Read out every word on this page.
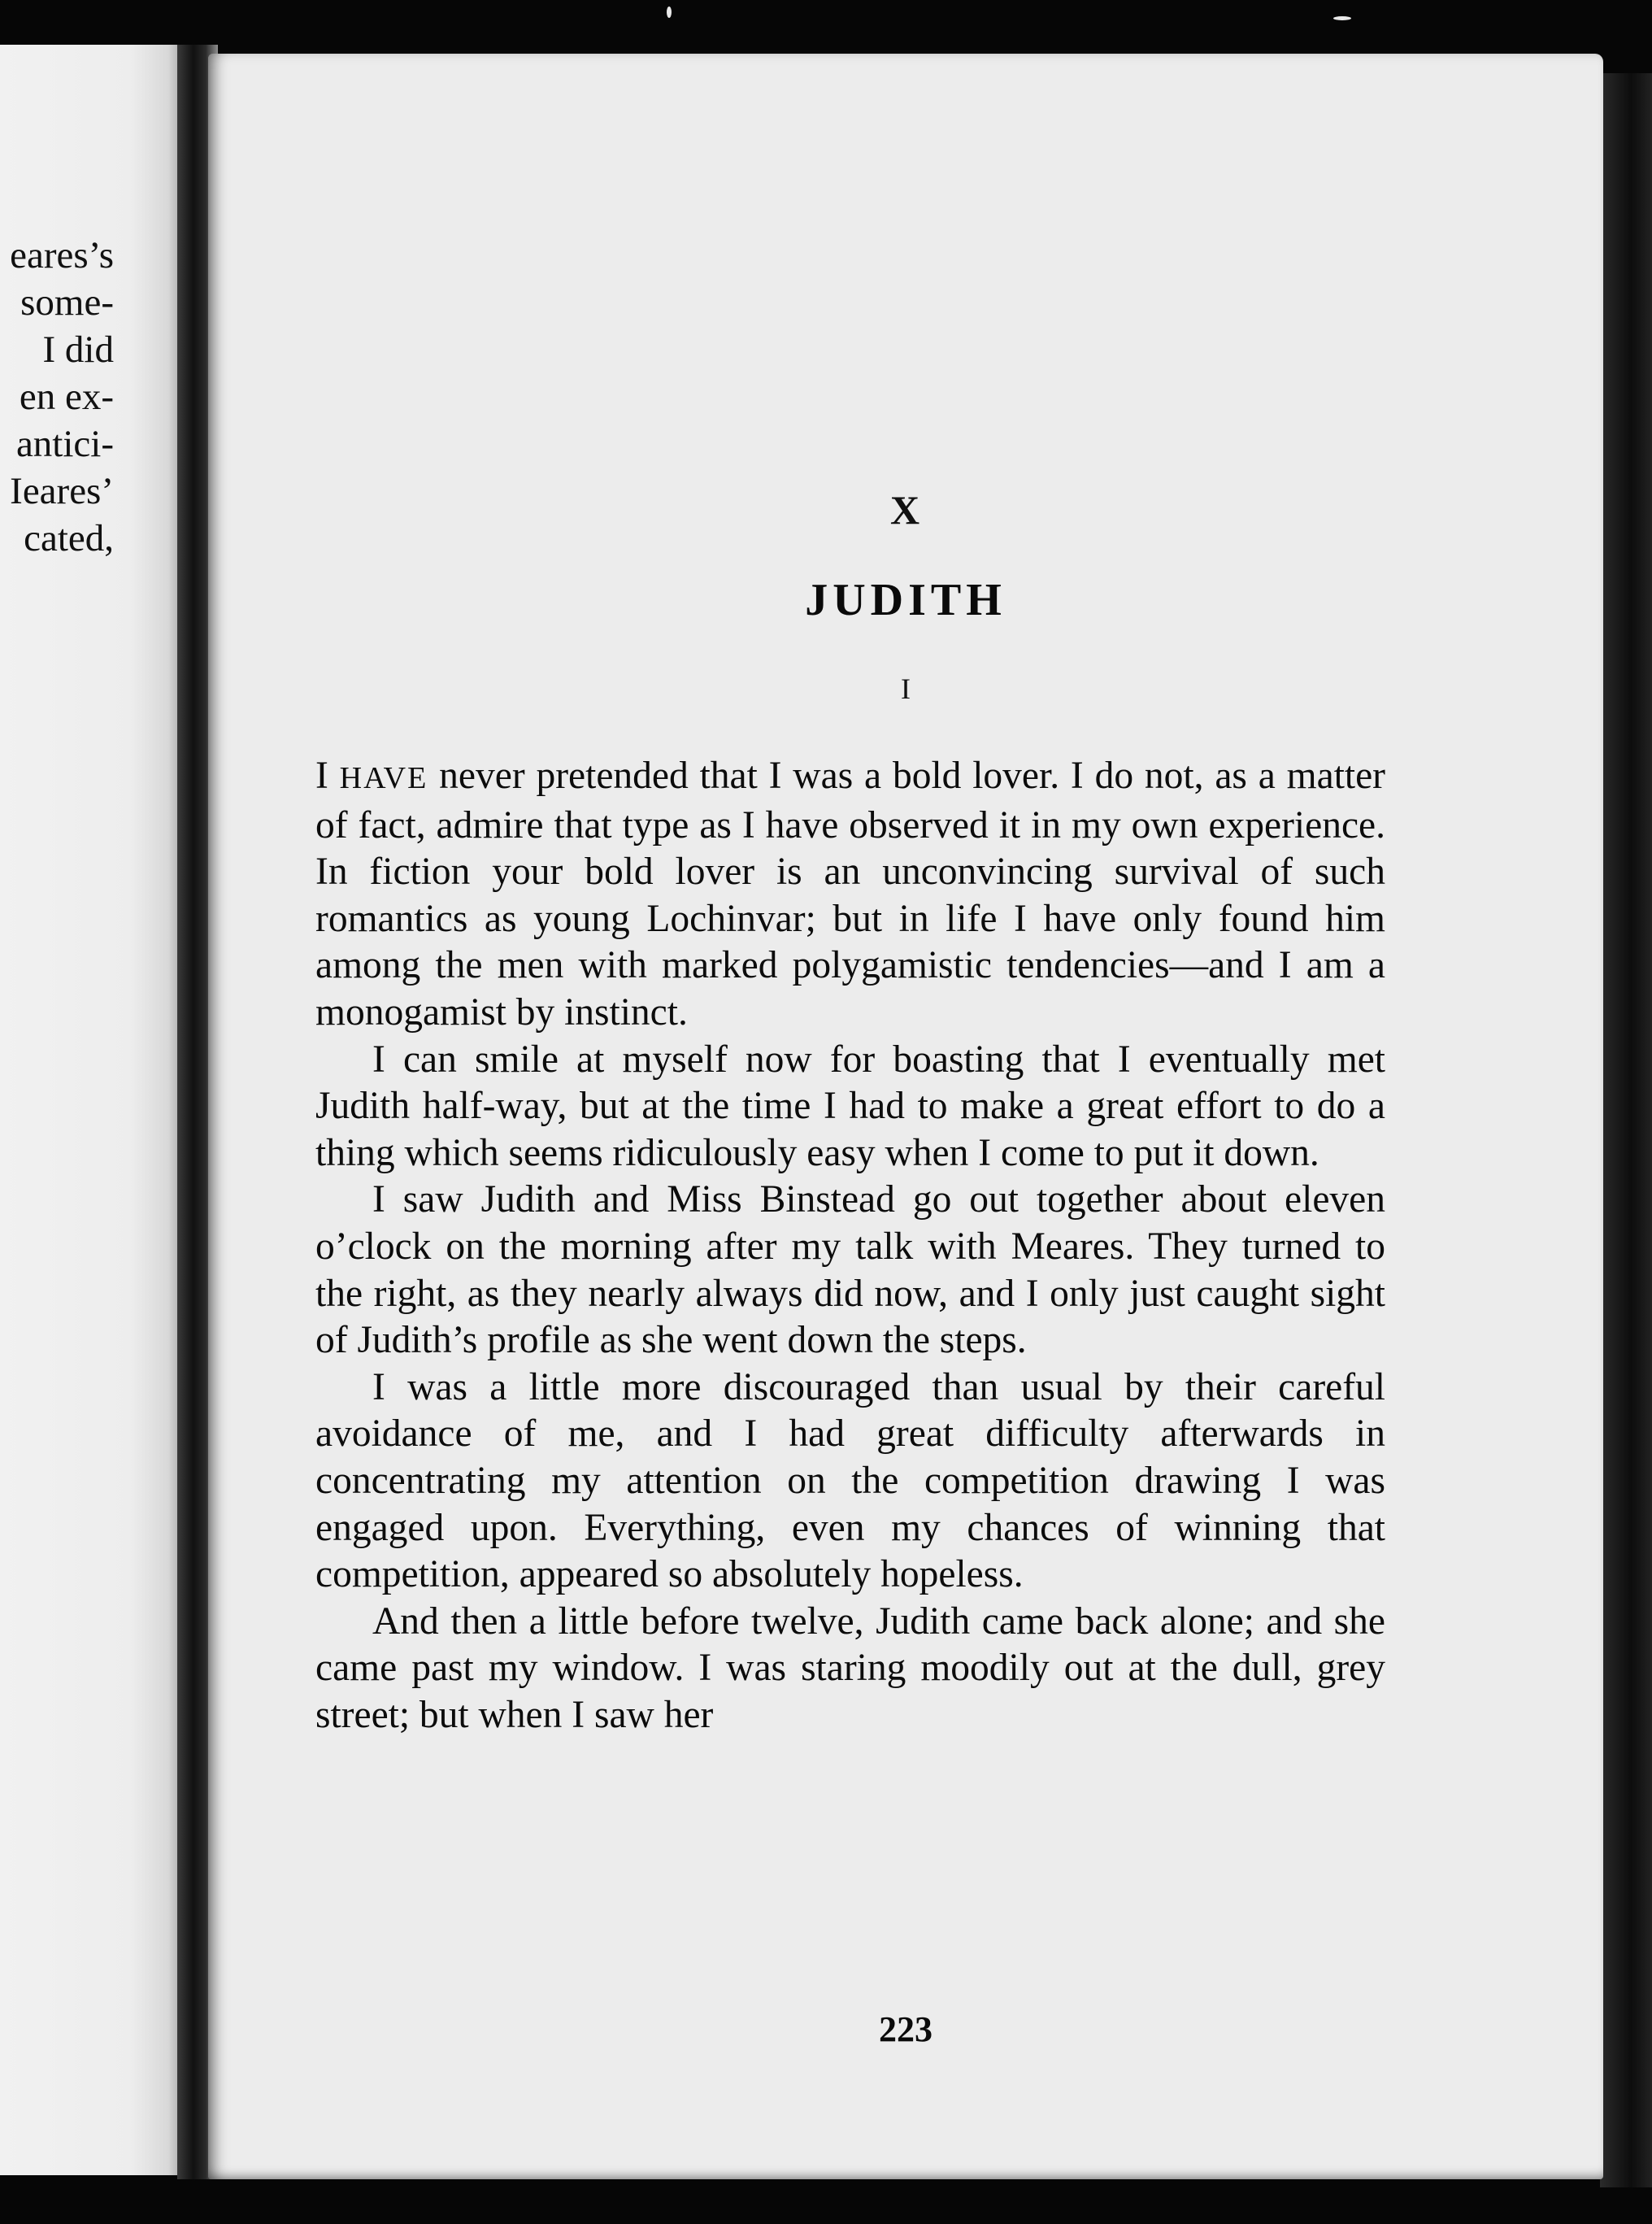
eares’s
some-
I did
en ex-
antici-
Ieares’
cated,
X
JUDITH
I

I HAVE never pretended that I was a bold lover. I do not, as a matter of fact, admire that type as I have observed it in my own experience. In fiction your bold lover is an unconvincing survival of such romantics as young Lochinvar; but in life I have only found him among the men with marked polygamistic tendencies—and I am a monogamist by instinct.

I can smile at myself now for boasting that I eventually met Judith half-way, but at the time I had to make a great effort to do a thing which seems ridiculously easy when I come to put it down.

I saw Judith and Miss Binstead go out together about eleven o’clock on the morning after my talk with Meares. They turned to the right, as they nearly always did now, and I only just caught sight of Judith’s profile as she went down the steps.

I was a little more discouraged than usual by their careful avoidance of me, and I had great difficulty afterwards in concentrating my attention on the competition drawing I was engaged upon. Everything, even my chances of winning that competition, appeared so absolutely hopeless.

And then a little before twelve, Judith came back alone; and she came past my window. I was staring moodily out at the dull, grey street; but when I saw her

223
